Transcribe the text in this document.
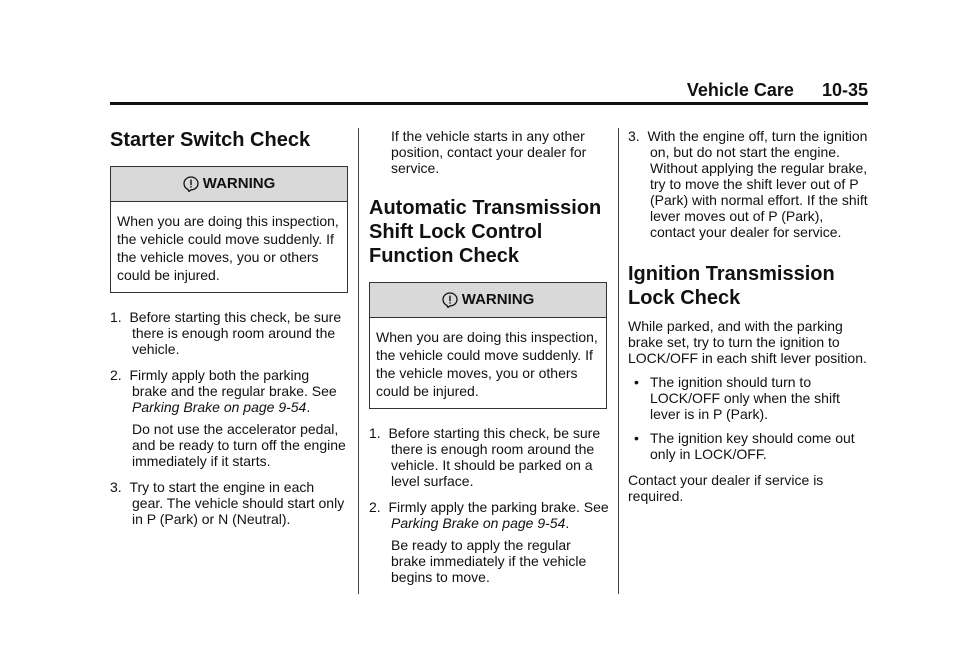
Vehicle Care 10-35
Starter Switch Check
WARNING
When you are doing this inspection, the vehicle could move suddenly. If the vehicle moves, you or others could be injured.

1. Before starting this check, be sure there is enough room around the vehicle.

2. Firmly apply both the parking brake and the regular brake. See Parking Brake on page 9-54.

Do not use the accelerator pedal, and be ready to turn off the engine immediately if it starts.

3. Try to start the engine in each gear. The vehicle should start only in P (Park) or N (Neutral).

If the vehicle starts in any other position, contact your dealer for service.

Automatic Transmission Shift Lock Control Function Check
WARNING
When you are doing this inspection, the vehicle could move suddenly. If the vehicle moves, you or others could be injured.

1. Before starting this check, be sure there is enough room around the vehicle. It should be parked on a level surface.

2. Firmly apply the parking brake. See Parking Brake on page 9-54.

Be ready to apply the regular brake immediately if the vehicle begins to move.

3. With the engine off, turn the ignition on, but do not start the engine. Without applying the regular brake, try to move the shift lever out of P (Park) with normal effort. If the shift lever moves out of P (Park), contact your dealer for service.

Ignition Transmission Lock Check

While parked, and with the parking brake set, try to turn the ignition to LOCK/OFF in each shift lever position.

• The ignition should turn to LOCK/OFF only when the shift lever is in P (Park).

• The ignition key should come out only in LOCK/OFF.

Contact your dealer if service is required.
